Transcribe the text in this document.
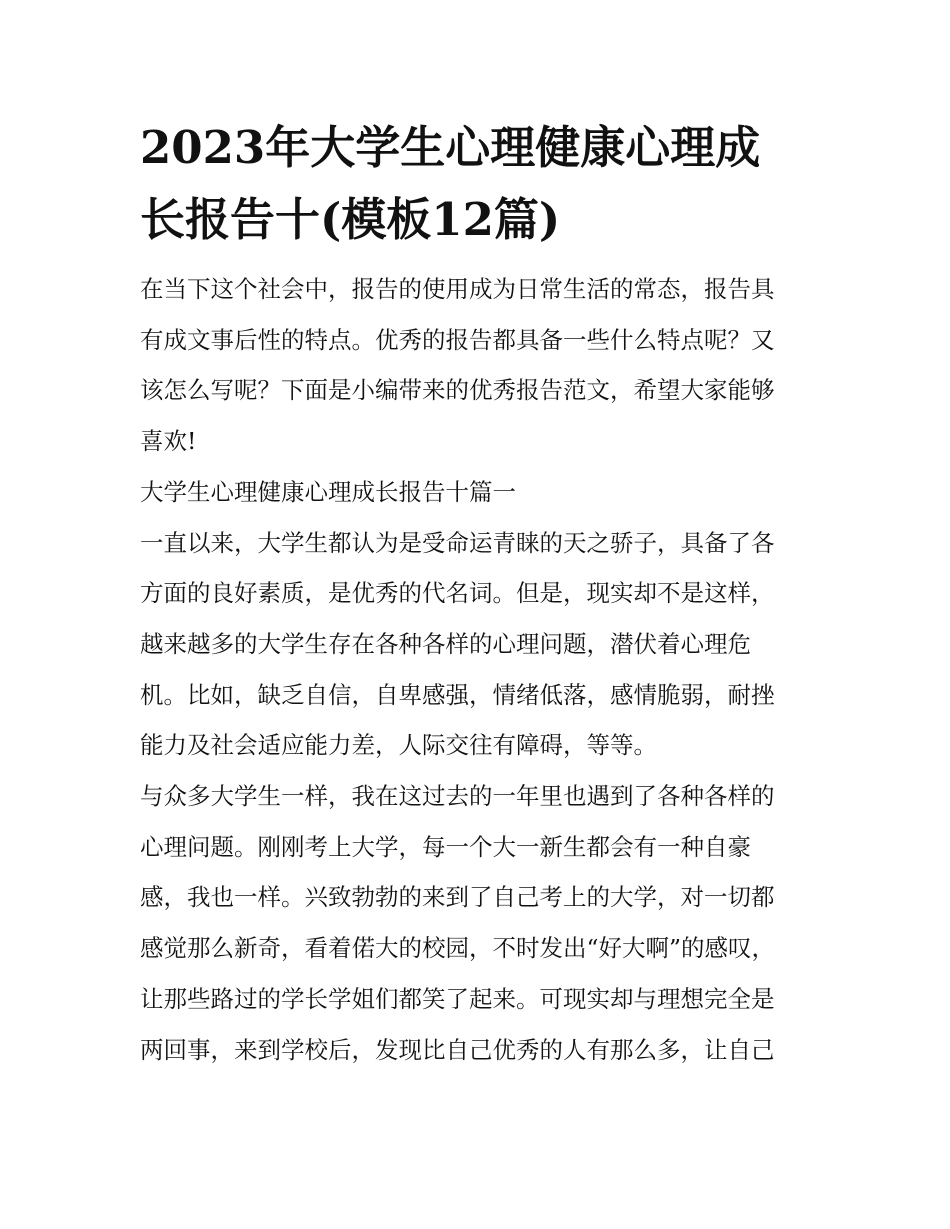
2023年大学生心理健康心理成
长报告十(模板12篇)

在当下这个社会中，报告的使用成为日常生活的常态，报告具
有成文事后性的特点。优秀的报告都具备一些什么特点呢？又
该怎么写呢？下面是小编带来的优秀报告范文，希望大家能够
喜欢!

大学生心理健康心理成长报告十篇一

一直以来，大学生都认为是受命运青睐的天之骄子，具备了各
方面的良好素质，是优秀的代名词。但是，现实却不是这样，
越来越多的大学生存在各种各样的心理问题，潜伏着心理危
机。比如，缺乏自信，自卑感强，情绪低落，感情脆弱，耐挫
能力及社会适应能力差，人际交往有障碍，等等。

与众多大学生一样，我在这过去的一年里也遇到了各种各样的
心理问题。刚刚考上大学，每一个大一新生都会有一种自豪
感，我也一样。兴致勃勃的来到了自己考上的大学，对一切都
感觉那么新奇，看着偌大的校园，不时发出“好大啊”的感叹，
让那些路过的学长学姐们都笑了起来。可现实却与理想完全是
两回事，来到学校后，发现比自己优秀的人有那么多，让自己
